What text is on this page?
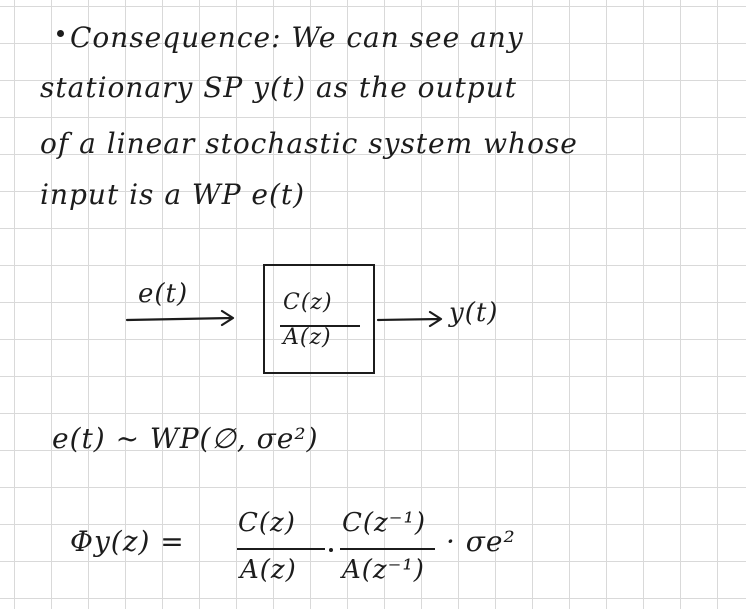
Consequence: We can see any
stationary SP y(t) as the output
of a linear stochastic system whose
input is a WP e(t)
e(t)	C(z)
A(z)
y(t)
e(t) ~ WP(∅, σe²)
Φy(z) =
C(z)
A(z)
C(z⁻¹)
A(z⁻¹)
· σe²
